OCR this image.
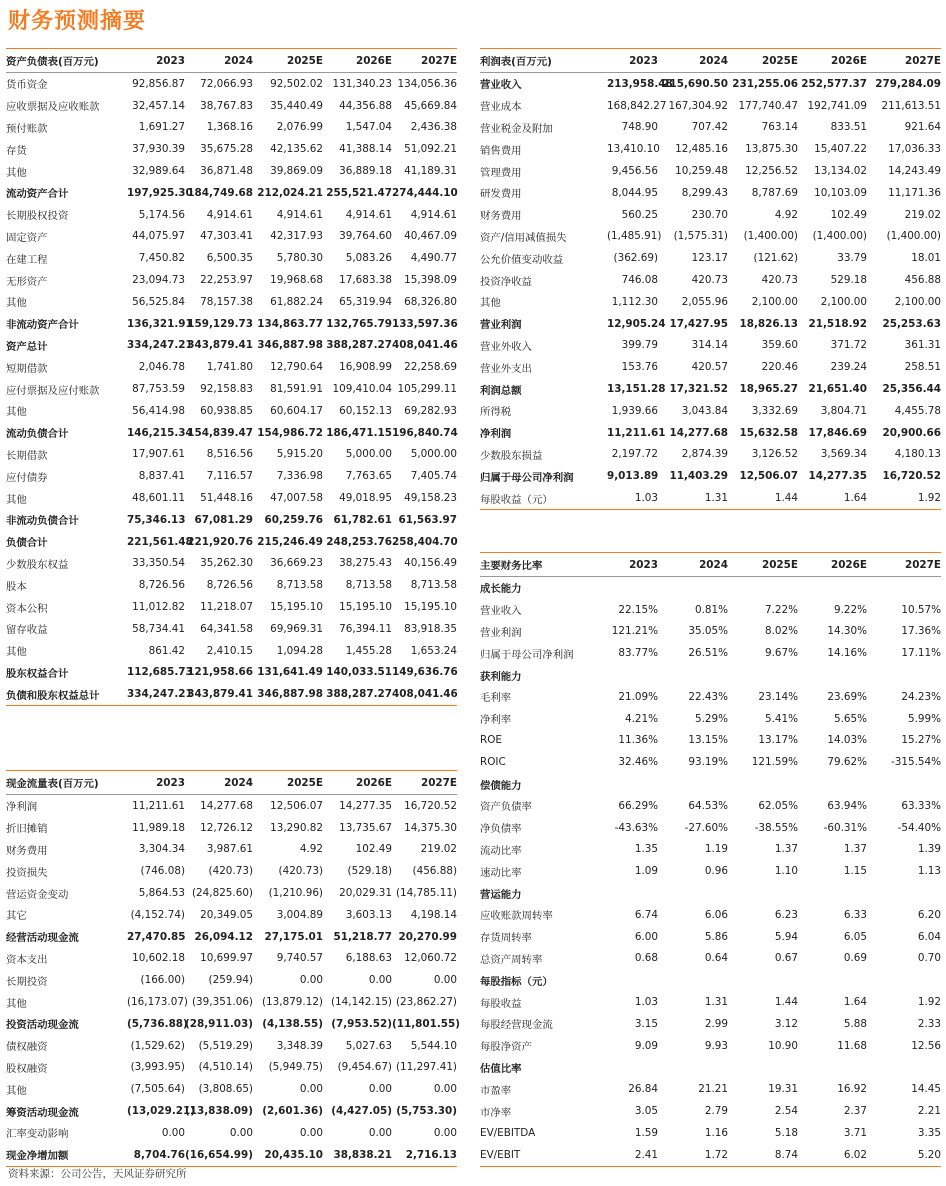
财务预测摘要
资产负债表(百万元)	2023	2024	2025E	2026E	2027E
货币资金	92,856.87	72,066.93	92,502.02	131,340.23	134,056.36
应收票据及应收账款	32,457.14	38,767.83	35,440.49	44,356.88	45,669.84
预付账款	1,691.27	1,368.16	2,076.99	1,547.04	2,436.38
存货	37,930.39	35,675.28	42,135.62	41,388.14	51,092.21
其他	32,989.64	36,871.48	39,869.09	36,889.18	41,189.31
流动资产合计	197,925.30	184,749.68	212,024.21	255,521.47	274,444.10
长期股权投资	5,174.56	4,914.61	4,914.61	4,914.61	4,914.61
固定资产	44,075.97	47,303.41	42,317.93	39,764.60	40,467.09
在建工程	7,450.82	6,500.35	5,780.30	5,083.26	4,490.77
无形资产	23,094.73	22,253.97	19,968.68	17,683.38	15,398.09
其他	56,525.84	78,157.38	61,882.24	65,319.94	68,326.80
非流动资产合计	136,321.91	159,129.73	134,863.77	132,765.79	133,597.36
资产总计	334,247.21	343,879.41	346,887.98	388,287.27	408,041.46
短期借款	2,046.78	1,741.80	12,790.64	16,908.99	22,258.69
应付票据及应付账款	87,753.59	92,158.83	81,591.91	109,410.04	105,299.11
其他	56,414.98	60,938.85	60,604.17	60,152.13	69,282.93
流动负债合计	146,215.34	154,839.47	154,986.72	186,471.15	196,840.74
长期借款	17,907.61	8,516.56	5,915.20	5,000.00	5,000.00
应付债券	8,837.41	7,116.57	7,336.98	7,763.65	7,405.74
其他	48,601.11	51,448.16	47,007.58	49,018.95	49,158.23
非流动负债合计	75,346.13	67,081.29	60,259.76	61,782.61	61,563.97
负债合计	221,561.48	221,920.76	215,246.49	248,253.76	258,404.70
少数股东权益	33,350.54	35,262.30	36,669.23	38,275.43	40,156.49
股本	8,726.56	8,726.56	8,713.58	8,713.58	8,713.58
资本公积	11,012.82	11,218.07	15,195.10	15,195.10	15,195.10
留存收益	58,734.41	64,341.58	69,969.31	76,394.11	83,918.35
其他	861.42	2,410.15	1,094.28	1,455.28	1,653.24
股东权益合计	112,685.73	121,958.66	131,641.49	140,033.51	149,636.76
负债和股东权益总计	334,247.21	343,879.41	346,887.98	388,287.27	408,041.46
利润表(百万元)	2023	2024	2025E	2026E	2027E
营业收入	213,958.48	215,690.50	231,255.06	252,577.37	279,284.09
营业成本	168,842.27	167,304.92	177,740.47	192,741.09	211,613.51
营业税金及附加	748.90	707.42	763.14	833.51	921.64
销售费用	13,410.10	12,485.16	13,875.30	15,407.22	17,036.33
管理费用	9,456.56	10,259.48	12,256.52	13,134.02	14,243.49
研发费用	8,044.95	8,299.43	8,787.69	10,103.09	11,171.36
财务费用	560.25	230.70	4.92	102.49	219.02
资产/信用减值损失	(1,485.91)	(1,575.31)	(1,400.00)	(1,400.00)	(1,400.00)
公允价值变动收益	(362.69)	123.17	(121.62)	33.79	18.01
投资净收益	746.08	420.73	420.73	529.18	456.88
其他	1,112.30	2,055.96	2,100.00	2,100.00	2,100.00
营业利润	12,905.24	17,427.95	18,826.13	21,518.92	25,253.63
营业外收入	399.79	314.14	359.60	371.72	361.31
营业外支出	153.76	420.57	220.46	239.24	258.51
利润总额	13,151.28	17,321.52	18,965.27	21,651.40	25,356.44
所得税	1,939.66	3,043.84	3,332.69	3,804.71	4,455.78
净利润	11,211.61	14,277.68	15,632.58	17,846.69	20,900.66
少数股东损益	2,197.72	2,874.39	3,126.52	3,569.34	4,180.13
归属于母公司净利润	9,013.89	11,403.29	12,506.07	14,277.35	16,720.52
每股收益（元）	1.03	1.31	1.44	1.64	1.92
现金流量表(百万元)	2023	2024	2025E	2026E	2027E
净利润	11,211.61	14,277.68	12,506.07	14,277.35	16,720.52
折旧摊销	11,989.18	12,726.12	13,290.82	13,735.67	14,375.30
财务费用	3,304.34	3,987.61	4.92	102.49	219.02
投资损失	(746.08)	(420.73)	(420.73)	(529.18)	(456.88)
营运资金变动	5,864.53	(24,825.60)	(1,210.96)	20,029.31	(14,785.11)
其它	(4,152.74)	20,349.05	3,004.89	3,603.13	4,198.14
经营活动现金流	27,470.85	26,094.12	27,175.01	51,218.77	20,270.99
资本支出	10,602.18	10,699.97	9,740.57	6,188.63	12,060.72
长期投资	(166.00)	(259.94)	0.00	0.00	0.00
其他	(16,173.07)	(39,351.06)	(13,879.12)	(14,142.15)	(23,862.27)
投资活动现金流	(5,736.88)	(28,911.03)	(4,138.55)	(7,953.52)	(11,801.55)
债权融资	(1,529.62)	(5,519.29)	3,348.39	5,027.63	5,544.10
股权融资	(3,993.95)	(4,510.14)	(5,949.75)	(9,454.67)	(11,297.41)
其他	(7,505.64)	(3,808.65)	0.00	0.00	0.00
筹资活动现金流	(13,029.21)	(13,838.09)	(2,601.36)	(4,427.05)	(5,753.30)
汇率变动影响	0.00	0.00	0.00	0.00	0.00
现金净增加额	8,704.76	(16,654.99)	20,435.10	38,838.21	2,716.13
主要财务比率	2023	2024	2025E	2026E	2027E
成长能力					
营业收入	22.15%	0.81%	7.22%	9.22%	10.57%
营业利润	121.21%	35.05%	8.02%	14.30%	17.36%
归属于母公司净利润	83.77%	26.51%	9.67%	14.16%	17.11%
获利能力					
毛利率	21.09%	22.43%	23.14%	23.69%	24.23%
净利率	4.21%	5.29%	5.41%	5.65%	5.99%
ROE	11.36%	13.15%	13.17%	14.03%	15.27%
ROIC	32.46%	93.19%	121.59%	79.62%	-315.54%
偿债能力					
资产负债率	66.29%	64.53%	62.05%	63.94%	63.33%
净负债率	-43.63%	-27.60%	-38.55%	-60.31%	-54.40%
流动比率	1.35	1.19	1.37	1.37	1.39
速动比率	1.09	0.96	1.10	1.15	1.13
营运能力					
应收账款周转率	6.74	6.06	6.23	6.33	6.20
存货周转率	6.00	5.86	5.94	6.05	6.04
总资产周转率	0.68	0.64	0.67	0.69	0.70
每股指标（元）					
每股收益	1.03	1.31	1.44	1.64	1.92
每股经营现金流	3.15	2.99	3.12	5.88	2.33
每股净资产	9.09	9.93	10.90	11.68	12.56
估值比率					
市盈率	26.84	21.21	19.31	16.92	14.45
市净率	3.05	2.79	2.54	2.37	2.21
EV/EBITDA	1.59	1.16	5.18	3.71	3.35
EV/EBIT	2.41	1.72	8.74	6.02	5.20
资料来源：公司公告，天风证券研究所
